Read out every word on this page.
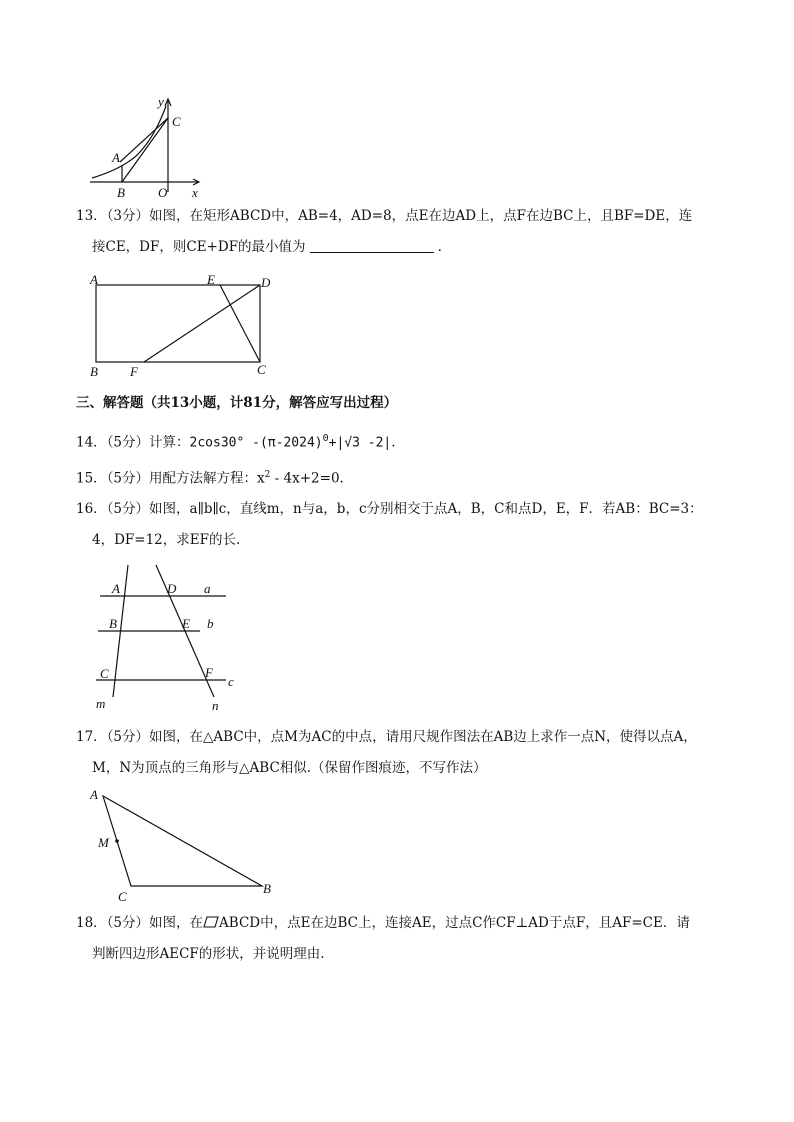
y
x
C
A
B	O
13．（3分）如图，在矩形ABCD中，AB=4，AD=8，点E在边AD上，点F在边BC上，且BF=DE，连
接CE，DF，则CE+DF的最小值为	.
A	E	D
B F	C
三、解答题（共13小题，计81分，解答应写出过程）
14．（5分）计算：2cos30° $-(\pi-2024)^0+|√3$ -2|.
15．（5分）用配方法解方程：$x^2 - 4x+2=0$.
16．（5分）如图，a∥b∥c，直线m，n与a，b，c分别相交于点A，B，C和点D，E，F．若AB：BC=3：
4，DF=12，求EF的长.
A	D a
B	E b
C	F
c
m	n
17．（5分）如图，在△ABC中，点M为AC的中点，请用尺规作图法在AB边上求作一点N，使得以点A，
M，N为顶点的三角形与△ABC相似.（保留作图痕迹，不写作法）
A
M
C
B
18．（5分）如图，在 ABCD中，点E在边BC上，连接AE，过点C作CF⊥AD于点F，且AF=CE．请
判断四边形AECF的形状，并说明理由.
